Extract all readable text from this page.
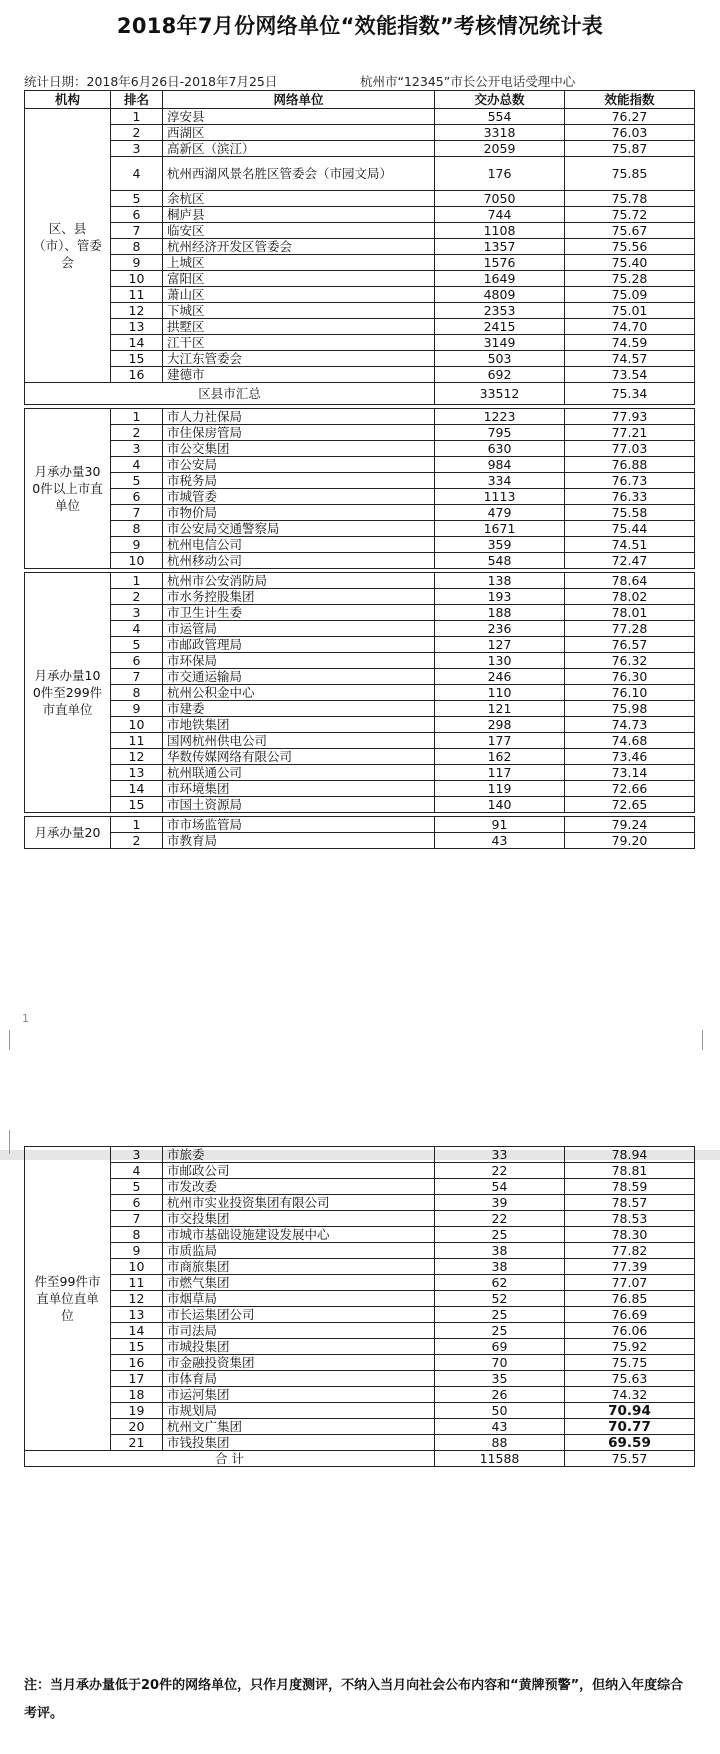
2018年7月份网络单位“效能指数”考核情况统计表
统计日期：2018年6月26日-2018年7月25日	杭州市“12345”市长公开电话受理中心
机构	排名	网络单位	交办总数	效能指数
区、县（市）、管委会	1	淳安县	554	76.27
	2	西湖区	3318	76.03
	3	高新区（滨江）	2059	75.87
	4	杭州西湖风景名胜区管委会（市园文局）	176	75.85
	5	余杭区	7050	75.78
	6	桐庐县	744	75.72
	7	临安区	1108	75.67
	8	杭州经济开发区管委会	1357	75.56
	9	上城区	1576	75.40
	10	富阳区	1649	75.28
	11	萧山区	4809	75.09
	12	下城区	2353	75.01
	13	拱墅区	2415	74.70
	14	江干区	3149	74.59
	15	大江东管委会	503	74.57
	16	建德市	692	73.54
区县市汇总			33512	75.34

月承办量300件以上市直单位	1	市人力社保局	1223	77.93
	2	市住保房管局	795	77.21
	3	市公交集团	630	77.03
	4	市公安局	984	76.88
	5	市税务局	334	76.73
	6	市城管委	1113	76.33
	7	市物价局	479	75.58
	8	市公安局交通警察局	1671	75.44
	9	杭州电信公司	359	74.51
	10	杭州移动公司	548	72.47

月承办量100件至299件市直单位	1	杭州市公安消防局	138	78.64
	2	市水务控股集团	193	78.02
	3	市卫生计生委	188	78.01
	4	市运管局	236	77.28
	5	市邮政管理局	127	76.57
	6	市环保局	130	76.32
	7	市交通运输局	246	76.30
	8	杭州公积金中心	110	76.10
	9	市建委	121	75.98
	10	市地铁集团	298	74.73
	11	国网杭州供电公司	177	74.68
	12	华数传媒网络有限公司	162	73.46
	13	杭州联通公司	117	73.14
	14	市环境集团	119	72.66
	15	市国土资源局	140	72.65

月承办量20	1	市市场监管局	91	79.24
	2	市教育局	43	79.20
1
件至99件市直单位直单位	3	市旅委	33	78.94
	4	市邮政公司	22	78.81
	5	市发改委	54	78.59
	6	杭州市实业投资集团有限公司	39	78.57
	7	市交投集团	22	78.53
	8	市城市基础设施建设发展中心	25	78.30
	9	市质监局	38	77.82
	10	市商旅集团	38	77.39
	11	市燃气集团	62	77.07
	12	市烟草局	52	76.85
	13	市长运集团公司	25	76.69
	14	市司法局	25	76.06
	15	市城投集团	69	75.92
	16	市金融投资集团	70	75.75
	17	市体育局	35	75.63
	18	市运河集团	26	74.32
	19	市规划局	50	70.94
	20	杭州文广集团	43	70.77
	21	市钱投集团	88	69.59
合 计			11588	75.57
注：当月承办量低于20件的网络单位，只作月度测评，不纳入当月向社会公布内容和“黄牌预警”，但纳入年度综合考评。
